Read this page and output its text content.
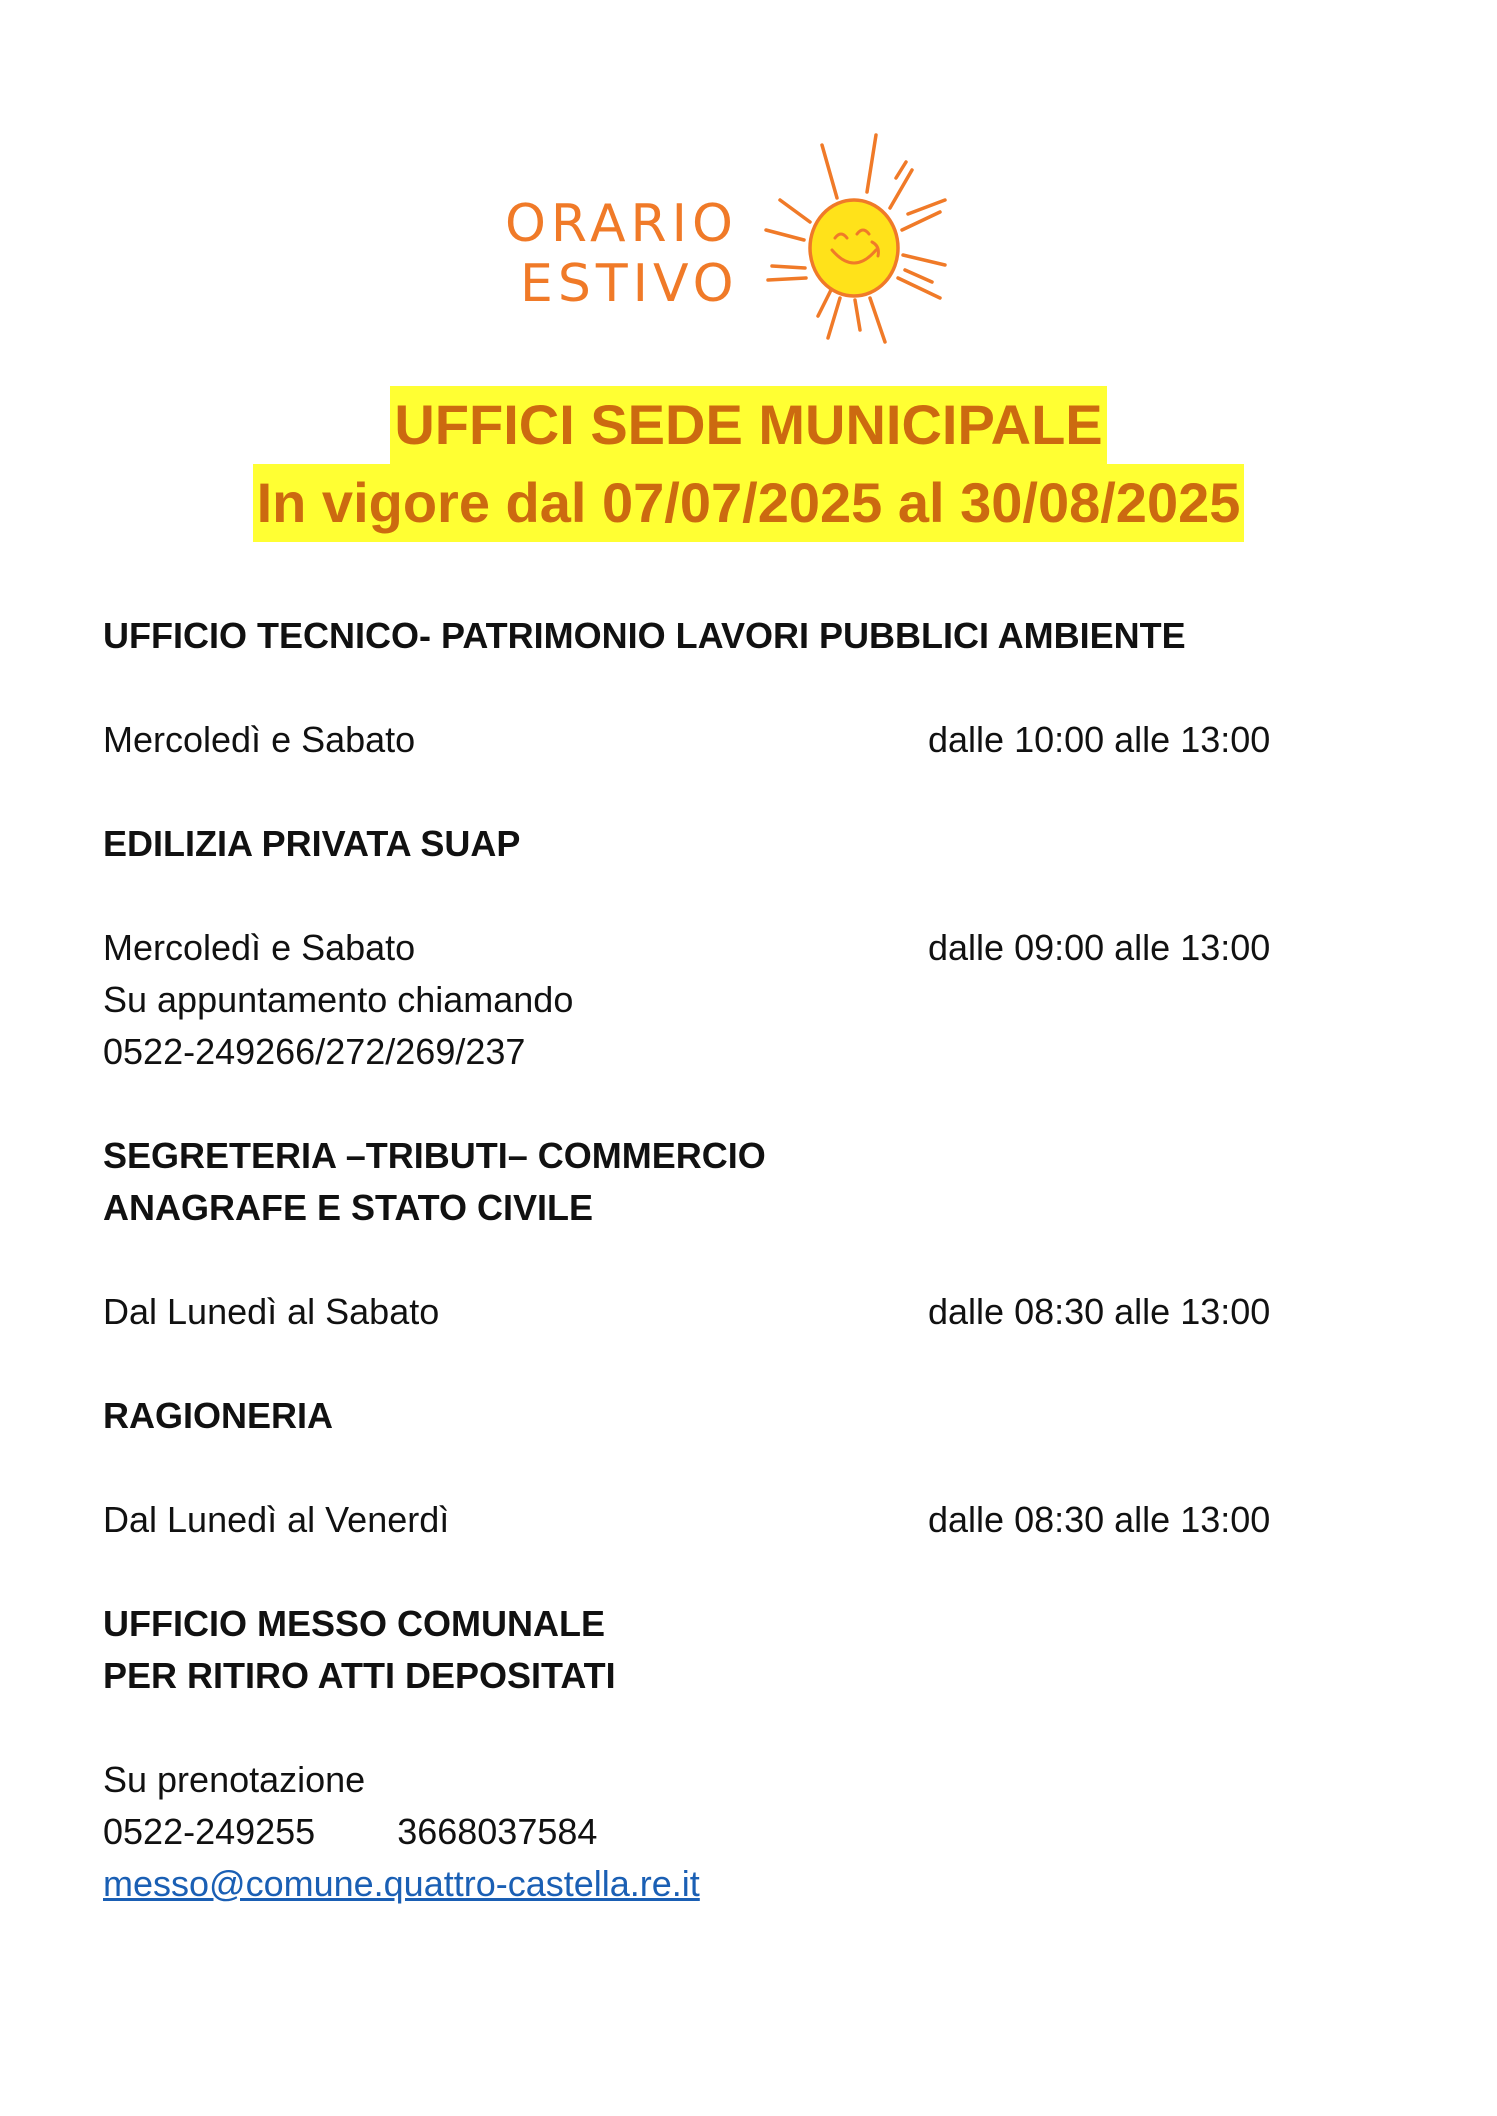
ORARIO
ESTIVO
UFFICI SEDE MUNICIPALE
In vigore dal 07/07/2025 al 30/08/2025
UFFICIO TECNICO- PATRIMONIO LAVORI PUBBLICI AMBIENTE
Mercoledì e Sabato	dalle 10:00 alle 13:00
EDILIZIA PRIVATA SUAP
Mercoledì e Sabato	dalle 09:00 alle 13:00
Su appuntamento chiamando
0522-249266/272/269/237
SEGRETERIA –TRIBUTI– COMMERCIO
ANAGRAFE E STATO CIVILE
Dal Lunedì al Sabato	dalle 08:30 alle 13:00
RAGIONERIA
Dal Lunedì al Venerdì	dalle 08:30 alle 13:00
UFFICIO MESSO COMUNALE
PER RITIRO ATTI DEPOSITATI
Su prenotazione
0522-249255 3668037584
messo@comune.quattro-castella.re.it
